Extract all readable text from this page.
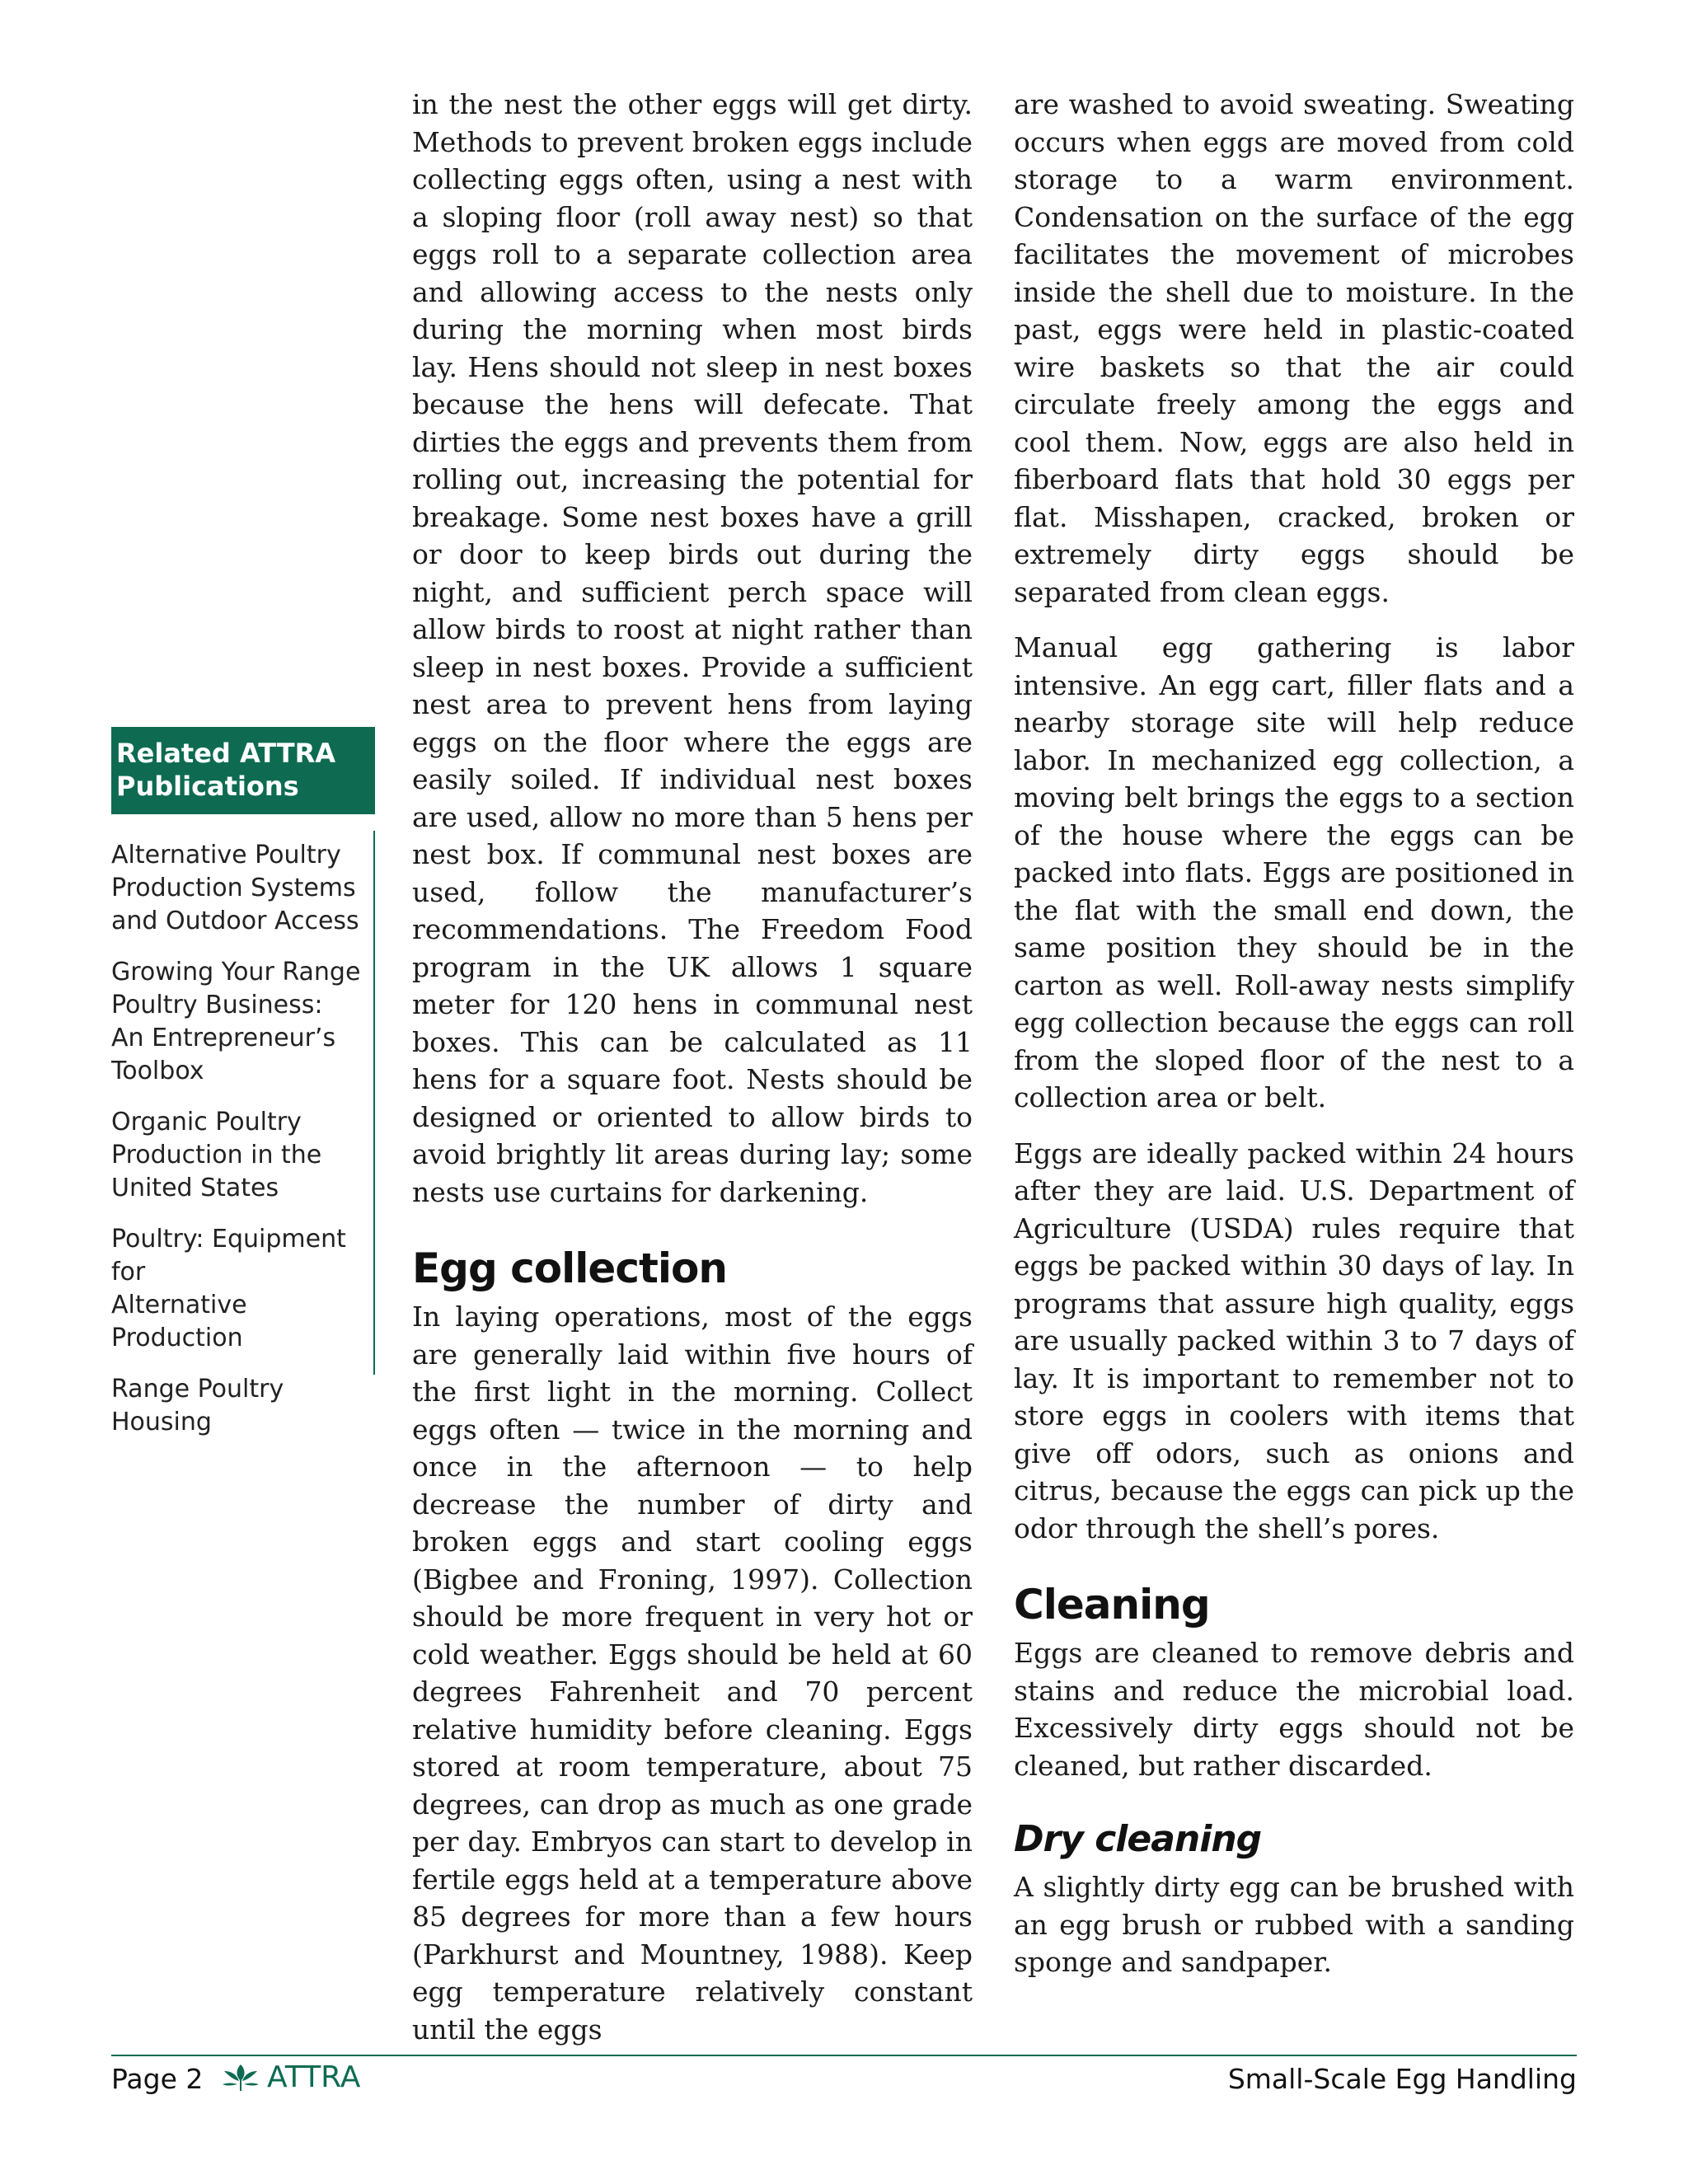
Related ATTRA Publications
Alternative Poultry
Production Systems
and Outdoor Access
Growing Your Range
Poultry Business:
An Entrepreneur’s
Toolbox
Organic Poultry
Production in the
United States
Poultry: Equipment for
Alternative Production
Range Poultry
Housing

in the nest the other eggs will get dirty. Methods to prevent broken eggs include collecting eggs often, using a nest with a sloping floor (roll away nest) so that eggs roll to a separate collection area and allowing access to the nests only during the morning when most birds lay. Hens should not sleep in nest boxes because the hens will defecate. That dirties the eggs and prevents them from rolling out, increasing the potential for breakage. Some nest boxes have a grill or door to keep birds out during the night, and sufficient perch space will allow birds to roost at night rather than sleep in nest boxes. Provide a sufficient nest area to prevent hens from laying eggs on the floor where the eggs are easily soiled. If individual nest boxes are used, allow no more than 5 hens per nest box. If communal nest boxes are used, follow the manufacturer’s recommendations. The Freedom Food program in the UK allows 1 square meter for 120 hens in communal nest boxes. This can be calculated as 11 hens for a square foot. Nests should be designed or oriented to allow birds to avoid brightly lit areas during lay; some nests use curtains for darkening.

Egg collection

In laying operations, most of the eggs are generally laid within five hours of the first light in the morning. Collect eggs often — twice in the morning and once in the afternoon — to help decrease the number of dirty and broken eggs and start cooling eggs (Bigbee and Froning, 1997). Collection should be more frequent in very hot or cold weather. Eggs should be held at 60 degrees Fahrenheit and 70 percent relative humidity before cleaning. Eggs stored at room temperature, about 75 degrees, can drop as much as one grade per day. Embryos can start to develop in fertile eggs held at a temperature above 85 degrees for more than a few hours (Parkhurst and Mountney, 1988). Keep egg temperature relatively constant until the eggs

are washed to avoid sweating. Sweating occurs when eggs are moved from cold storage to a warm environment. Condensation on the surface of the egg facilitates the movement of microbes inside the shell due to moisture. In the past, eggs were held in plastic-coated wire baskets so that the air could circulate freely among the eggs and cool them. Now, eggs are also held in fiberboard flats that hold 30 eggs per flat. Misshapen, cracked, broken or extremely dirty eggs should be separated from clean eggs.

Manual egg gathering is labor intensive. An egg cart, filler flats and a nearby storage site will help reduce labor. In mechanized egg collection, a moving belt brings the eggs to a section of the house where the eggs can be packed into flats. Eggs are positioned in the flat with the small end down, the same position they should be in the carton as well. Roll-away nests simplify egg collection because the eggs can roll from the sloped floor of the nest to a collection area or belt.

Eggs are ideally packed within 24 hours after they are laid. U.S. Department of Agriculture (USDA) rules require that eggs be packed within 30 days of lay. In programs that assure high quality, eggs are usually packed within 3 to 7 days of lay. It is important to remember not to store eggs in coolers with items that give off odors, such as onions and citrus, because the eggs can pick up the odor through the shell’s pores.

Cleaning

Eggs are cleaned to remove debris and stains and reduce the microbial load. Excessively dirty eggs should not be cleaned, but rather discarded.

Dry cleaning

A slightly dirty egg can be brushed with an egg brush or rubbed with a sanding sponge and sandpaper.

Page 2 ATTRA	Small-Scale Egg Handling
